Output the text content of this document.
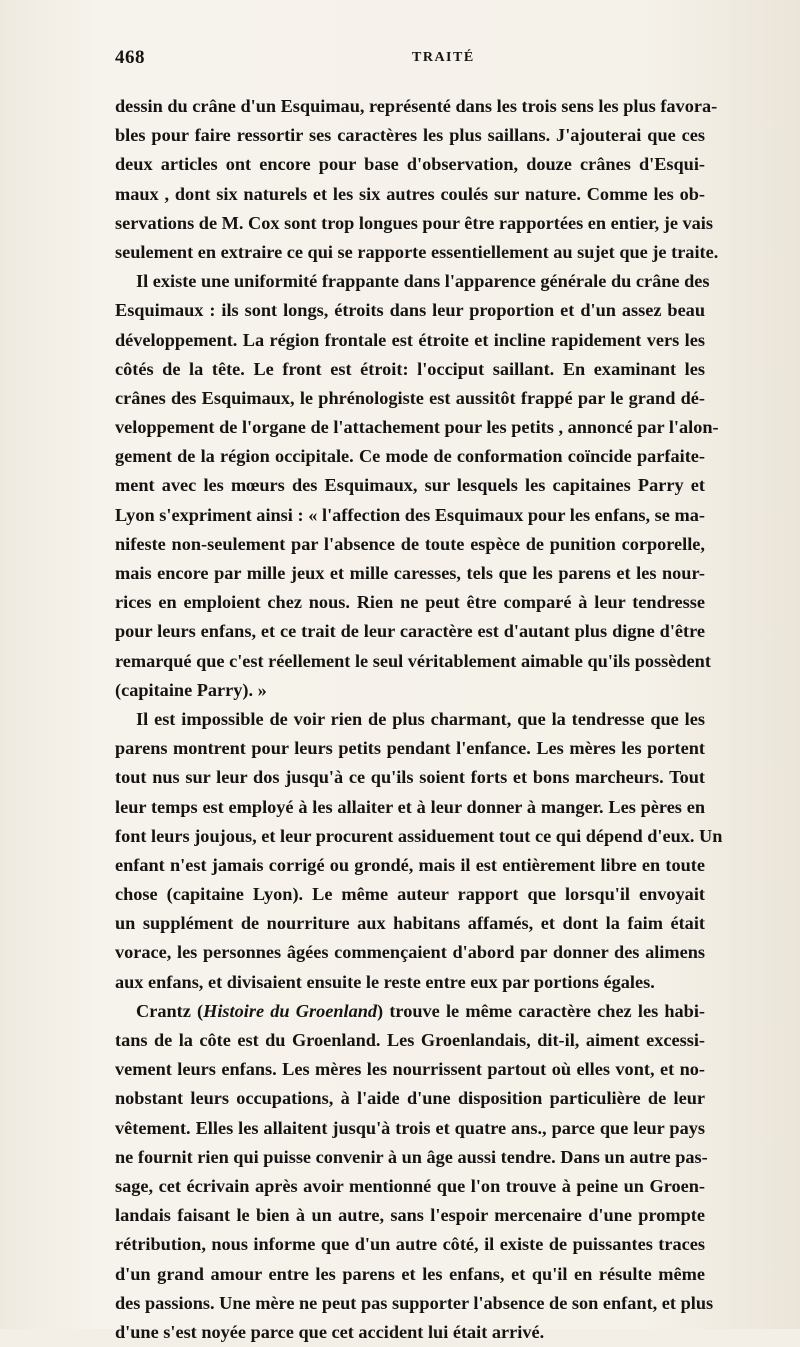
468	TRAITÉ
dessin du crâne d'un Esquimau, représenté dans les trois sens les plus favora-
bles pour faire ressortir ses caractères les plus saillans. J'ajouterai que ces
deux articles ont encore pour base d'observation, douze crânes d'Esqui-
maux , dont six naturels et les six autres coulés sur nature. Comme les ob-
servations de M. Cox sont trop longues pour être rapportées en entier, je vais
seulement en extraire ce qui se rapporte essentiellement au sujet que je traite.
Il existe une uniformité frappante dans l'apparence générale du crâne des
Esquimaux : ils sont longs, étroits dans leur proportion et d'un assez beau
développement. La région frontale est étroite et incline rapidement vers les
côtés de la tête. Le front est étroit: l'occiput saillant. En examinant les
crânes des Esquimaux, le phrénologiste est aussitôt frappé par le grand dé-
veloppement de l'organe de l'attachement pour les petits , annoncé par l'alon-
gement de la région occipitale. Ce mode de conformation coïncide parfaite-
ment avec les mœurs des Esquimaux, sur lesquels les capitaines Parry et
Lyon s'expriment ainsi : « l'affection des Esquimaux pour les enfans, se ma-
nifeste non-seulement par l'absence de toute espèce de punition corporelle,
mais encore par mille jeux et mille caresses, tels que les parens et les nour-
rices en emploient chez nous. Rien ne peut être comparé à leur tendresse
pour leurs enfans, et ce trait de leur caractère est d'autant plus digne d'être
remarqué que c'est réellement le seul véritablement aimable qu'ils possèdent
(capitaine Parry). »
Il est impossible de voir rien de plus charmant, que la tendresse que les
parens montrent pour leurs petits pendant l'enfance. Les mères les portent
tout nus sur leur dos jusqu'à ce qu'ils soient forts et bons marcheurs. Tout
leur temps est employé à les allaiter et à leur donner à manger. Les pères en
font leurs joujous, et leur procurent assiduement tout ce qui dépend d'eux. Un
enfant n'est jamais corrigé ou grondé, mais il est entièrement libre en toute
chose (capitaine Lyon). Le même auteur rapport que lorsqu'il envoyait
un supplément de nourriture aux habitans affamés, et dont la faim était
vorace, les personnes âgées commençaient d'abord par donner des alimens
aux enfans, et divisaient ensuite le reste entre eux par portions égales.
Crantz (Histoire du Groenland) trouve le même caractère chez les habi-
tans de la côte est du Groenland. Les Groenlandais, dit-il, aiment excessi-
vement leurs enfans. Les mères les nourrissent partout où elles vont, et no-
nobstant leurs occupations, à l'aide d'une disposition particulière de leur
vêtement. Elles les allaitent jusqu'à trois et quatre ans., parce que leur pays
ne fournit rien qui puisse convenir à un âge aussi tendre. Dans un autre pas-
sage, cet écrivain après avoir mentionné que l'on trouve à peine un Groen-
landais faisant le bien à un autre, sans l'espoir mercenaire d'une prompte
rétribution, nous informe que d'un autre côté, il existe de puissantes traces
d'un grand amour entre les parens et les enfans, et qu'il en résulte même
des passions. Une mère ne peut pas supporter l'absence de son enfant, et plus
d'une s'est noyée parce que cet accident lui était arrivé.
